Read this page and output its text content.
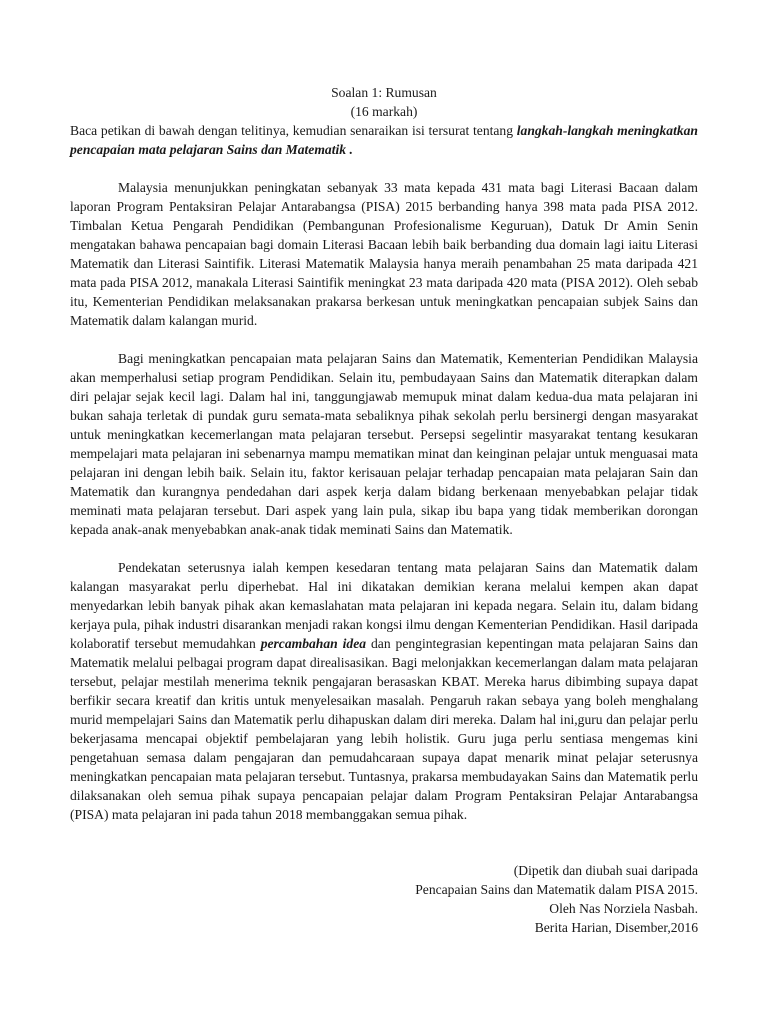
Soalan 1: Rumusan

(16 markah)

Baca petikan di bawah dengan telitinya, kemudian senaraikan isi tersurat tentang langkah-langkah meningkatkan pencapaian mata pelajaran Sains dan Matematik .

Malaysia menunjukkan peningkatan sebanyak 33 mata kepada 431 mata bagi Literasi Bacaan dalam laporan Program Pentaksiran Pelajar Antarabangsa (PISA) 2015 berbanding hanya 398 mata pada PISA 2012. Timbalan Ketua Pengarah Pendidikan (Pembangunan Profesionalisme Keguruan), Datuk Dr Amin Senin mengatakan bahawa pencapaian bagi domain Literasi Bacaan lebih baik berbanding dua domain lagi iaitu Literasi Matematik dan Literasi Saintifik. Literasi Matematik Malaysia hanya meraih penambahan 25 mata daripada 421 mata pada PISA 2012, manakala Literasi Saintifik meningkat 23 mata daripada 420 mata (PISA 2012). Oleh sebab itu, Kementerian Pendidikan melaksanakan prakarsa berkesan untuk meningkatkan pencapaian subjek Sains dan Matematik dalam kalangan murid.

Bagi meningkatkan pencapaian mata pelajaran Sains dan Matematik, Kementerian Pendidikan Malaysia akan memperhalusi setiap program Pendidikan. Selain itu, pembudayaan Sains dan Matematik diterapkan dalam diri pelajar sejak kecil lagi. Dalam hal ini, tanggungjawab memupuk minat dalam kedua-dua mata pelajaran ini bukan sahaja terletak di pundak guru semata-mata sebaliknya pihak sekolah perlu bersinergi dengan masyarakat untuk meningkatkan kecemerlangan mata pelajaran tersebut. Persepsi segelintir masyarakat tentang kesukaran mempelajari mata pelajaran ini sebenarnya mampu mematikan minat dan keinginan pelajar untuk menguasai mata pelajaran ini dengan lebih baik. Selain itu, faktor kerisauan pelajar terhadap pencapaian mata pelajaran Sain dan Matematik dan kurangnya pendedahan dari aspek kerja dalam bidang berkenaan menyebabkan pelajar tidak meminati mata pelajaran tersebut. Dari aspek yang lain pula, sikap ibu bapa yang tidak memberikan dorongan kepada anak-anak menyebabkan anak-anak tidak meminati Sains dan Matematik.

Pendekatan seterusnya ialah kempen kesedaran tentang mata pelajaran Sains dan Matematik dalam kalangan masyarakat perlu diperhebat. Hal ini dikatakan demikian kerana melalui kempen akan dapat menyedarkan lebih banyak pihak akan kemaslahatan mata pelajaran ini kepada negara. Selain itu, dalam bidang kerjaya pula, pihak industri disarankan menjadi rakan kongsi ilmu dengan Kementerian Pendidikan. Hasil daripada kolaboratif tersebut memudahkan percambahan idea dan pengintegrasian kepentingan mata pelajaran Sains dan Matematik melalui pelbagai program dapat direalisasikan. Bagi melonjakkan kecemerlangan dalam mata pelajaran tersebut, pelajar mestilah menerima teknik pengajaran berasaskan KBAT. Mereka harus dibimbing supaya dapat berfikir secara kreatif dan kritis untuk menyelesaikan masalah. Pengaruh rakan sebaya yang boleh menghalang murid mempelajari Sains dan Matematik perlu dihapuskan dalam diri mereka. Dalam hal ini,guru dan pelajar perlu bekerjasama mencapai objektif pembelajaran yang lebih holistik. Guru juga perlu sentiasa mengemas kini pengetahuan semasa dalam pengajaran dan pemudahcaraan supaya dapat menarik minat pelajar seterusnya meningkatkan pencapaian mata pelajaran tersebut. Tuntasnya, prakarsa membudayakan Sains dan Matematik perlu dilaksanakan oleh semua pihak supaya pencapaian pelajar dalam Program Pentaksiran Pelajar Antarabangsa (PISA) mata pelajaran ini pada tahun 2018 membanggakan semua pihak.

(Dipetik dan diubah suai daripada
Pencapaian Sains dan Matematik dalam PISA 2015.
Oleh Nas Norziela Nasbah.
Berita Harian, Disember,2016
